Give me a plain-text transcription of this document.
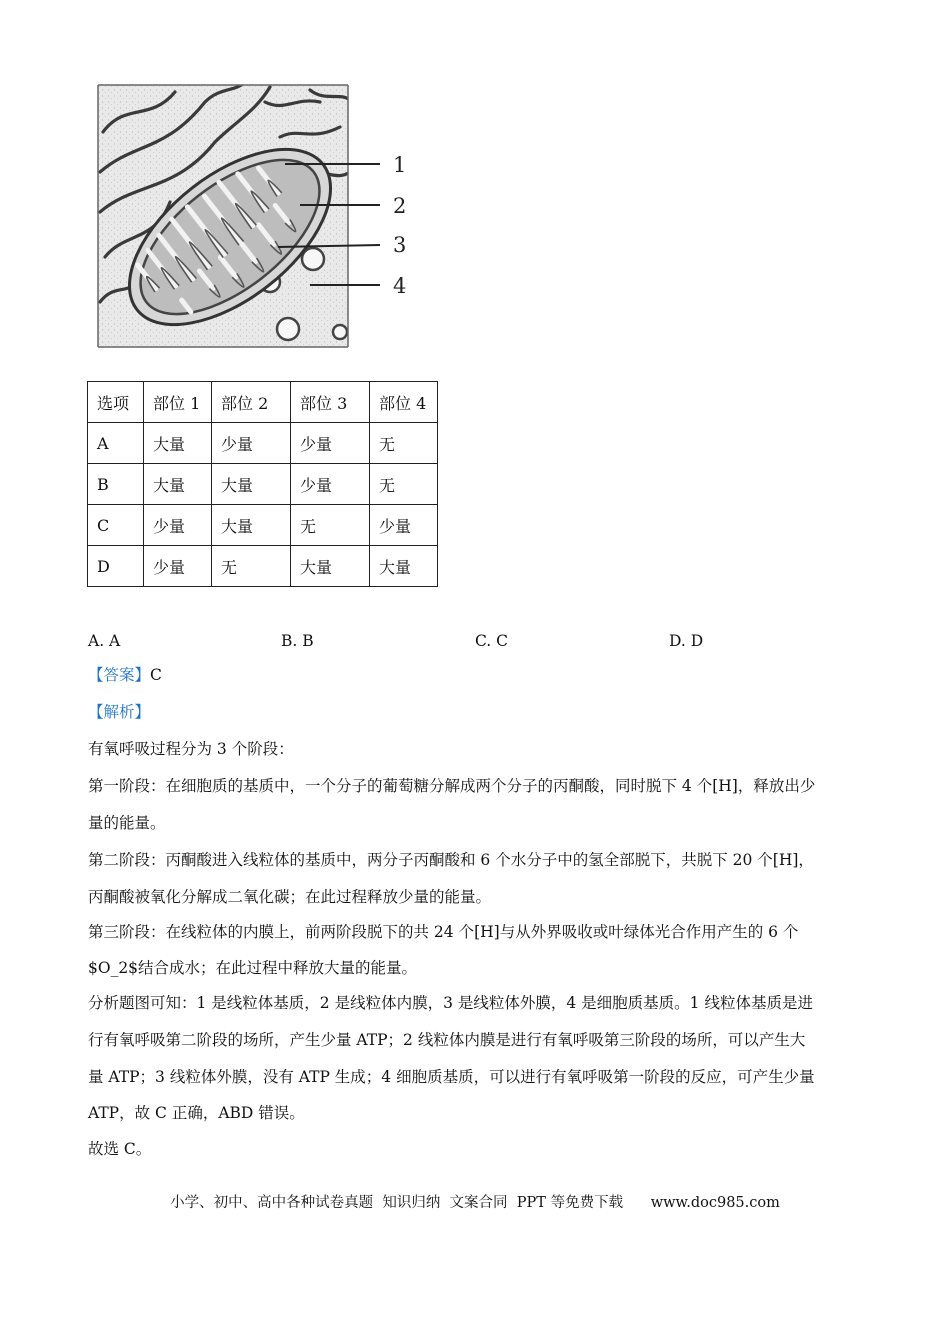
1
2
3
4
选项	部位 1	部位 2	部位 3	部位 4
A	大量	少量	少量	无
B	大量	大量	少量	无
C	少量	大量	无	少量
D	少量	无	大量	大量
A. A	B. B	C. C	D. D

【答案】C

【解析】

有氧呼吸过程分为 3 个阶段：

第一阶段：在细胞质的基质中，一个分子的葡萄糖分解成两个分子的丙酮酸，同时脱下 4 个[H]，释放出少

量的能量。

第二阶段：丙酮酸进入线粒体的基质中，两分子丙酮酸和 6 个水分子中的氢全部脱下，共脱下 20 个[H]，

丙酮酸被氧化分解成二氧化碳；在此过程释放少量的能量。

第三阶段：在线粒体的内膜上，前两阶段脱下的共 24 个[H]与从外界吸收或叶绿体光合作用产生的 6 个

$O_2$结合成水；在此过程中释放大量的能量。

分析题图可知：1 是线粒体基质，2 是线粒体内膜，3 是线粒体外膜，4 是细胞质基质。1 线粒体基质是进

行有氧呼吸第二阶段的场所，产生少量 ATP；2 线粒体内膜是进行有氧呼吸第三阶段的场所，可以产生大

量 ATP；3 线粒体外膜，没有 ATP 生成；4 细胞质基质，可以进行有氧呼吸第一阶段的反应，可产生少量

ATP，故 C 正确，ABD 错误。

故选 C。

小学、初中、高中各种试卷真题  知识归纳  文案合同  PPT 等免费下载      www.doc985.com
